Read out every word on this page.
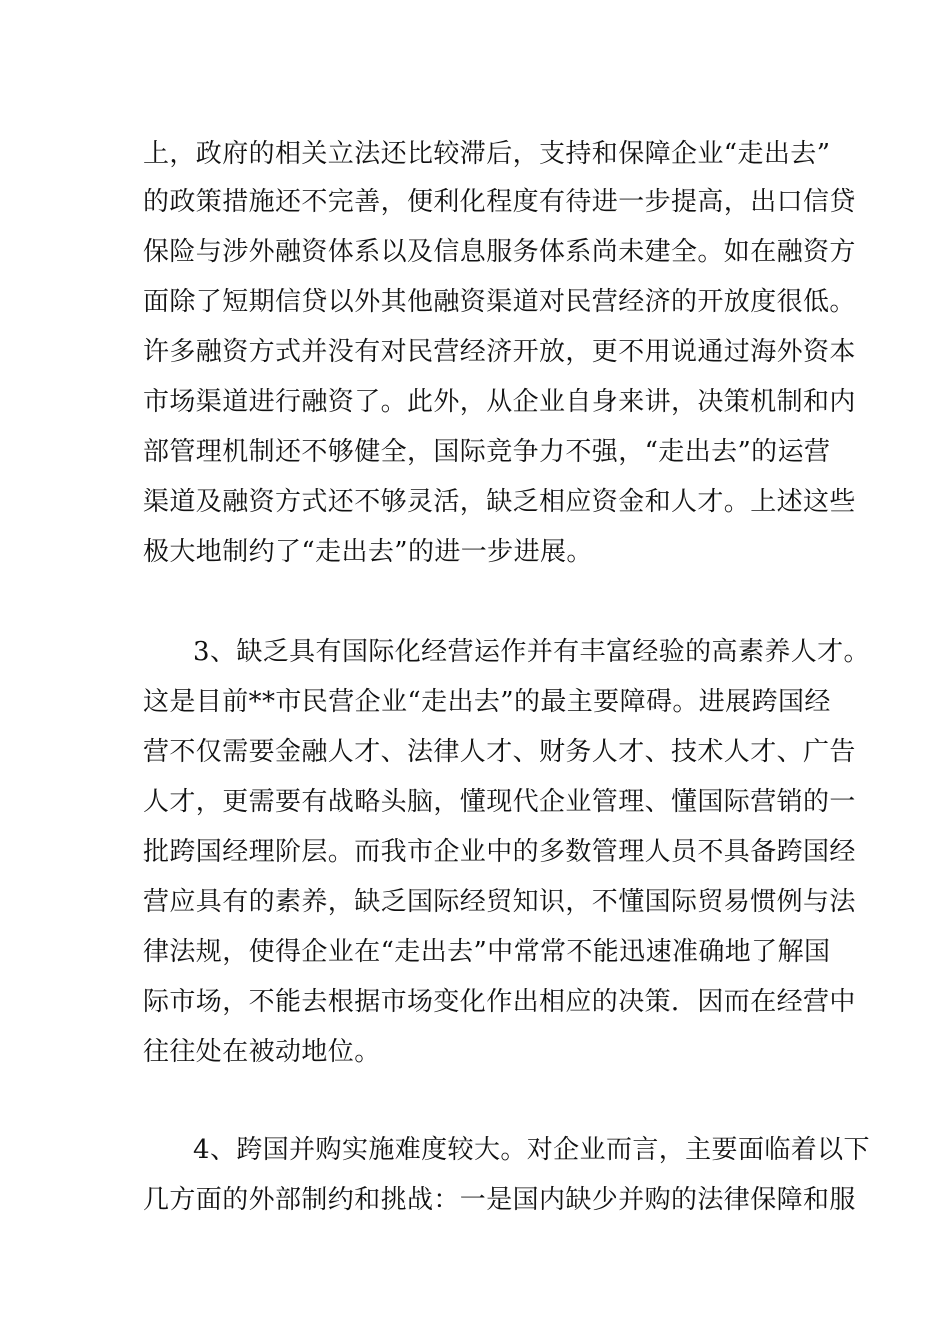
上，政府的相关立法还比较滞后，支持和保障企业“走出去”
的政策措施还不完善，便利化程度有待进一步提高，出口信贷
保险与涉外融资体系以及信息服务体系尚未建全。如在融资方
面除了短期信贷以外其他融资渠道对民营经济的开放度很低。
许多融资方式并没有对民营经济开放，更不用说通过海外资本
市场渠道进行融资了。此外，从企业自身来讲，决策机制和内
部管理机制还不够健全，国际竞争力不强，“走出去”的运营
渠道及融资方式还不够灵活，缺乏相应资金和人才。上述这些
极大地制约了“走出去”的进一步进展。
3、缺乏具有国际化经营运作并有丰富经验的高素养人才。
这是目前**市民营企业“走出去”的最主要障碍。进展跨国经
营不仅需要金融人才、法律人才、财务人才、技术人才、广告
人才，更需要有战略头脑，懂现代企业管理、懂国际营销的一
批跨国经理阶层。而我市企业中的多数管理人员不具备跨国经
营应具有的素养，缺乏国际经贸知识，不懂国际贸易惯例与法
律法规，使得企业在“走出去”中常常不能迅速准确地了解国
际市场，不能去根据市场变化作出相应的决策．因而在经营中
往往处在被动地位。
4、跨国并购实施难度较大。对企业而言，主要面临着以下
几方面的外部制约和挑战：一是国内缺少并购的法律保障和服
